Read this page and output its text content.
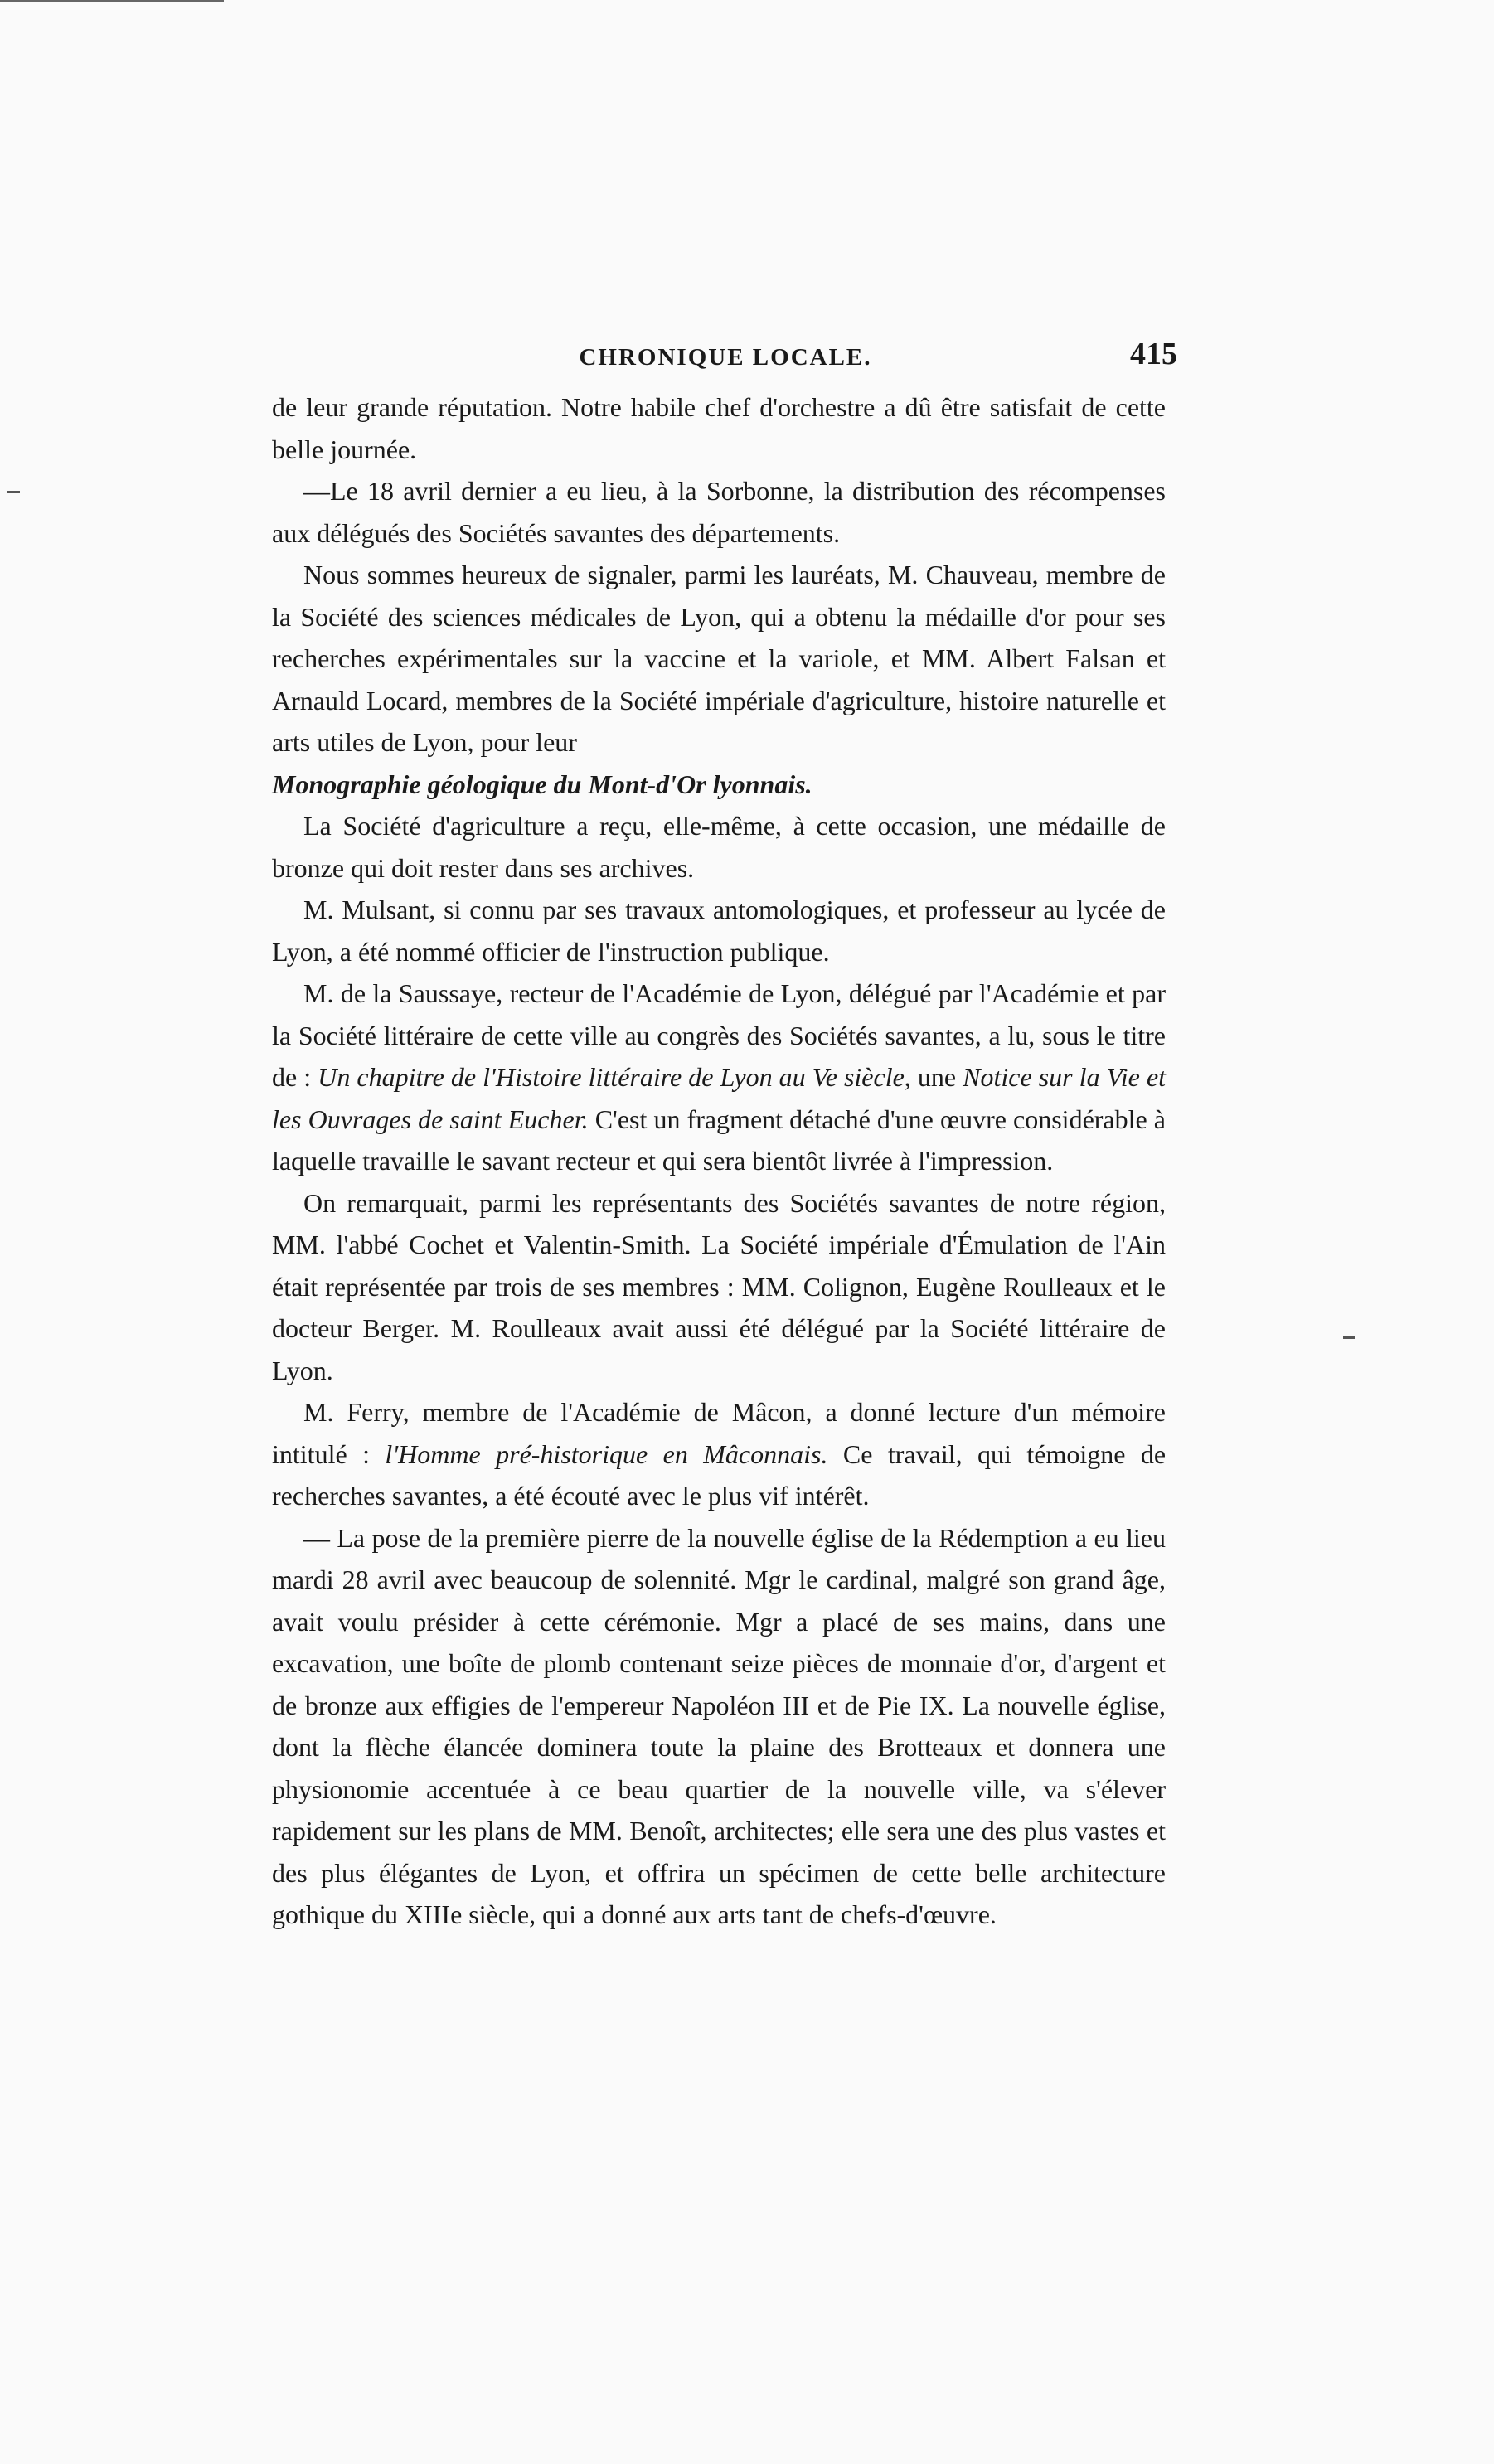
CHRONIQUE LOCALE.	415

de leur grande réputation. Notre habile chef d'orchestre a dû être satisfait de cette belle journée.

—Le 18 avril dernier a eu lieu, à la Sorbonne, la distribution des récompenses aux délégués des Sociétés savantes des départements.

Nous sommes heureux de signaler, parmi les lauréats, M. Chauveau, membre de la Société des sciences médicales de Lyon, qui a obtenu la médaille d'or pour ses recherches expérimentales sur la vaccine et la variole, et MM. Albert Falsan et Arnauld Locard, membres de la Société impériale d'agriculture, histoire naturelle et arts utiles de Lyon, pour leur

Monographie géologique du Mont-d'Or lyonnais.

La Société d'agriculture a reçu, elle-même, à cette occasion, une médaille de bronze qui doit rester dans ses archives.

M. Mulsant, si connu par ses travaux antomologiques, et professeur au lycée de Lyon, a été nommé officier de l'instruction publique.

M. de la Saussaye, recteur de l'Académie de Lyon, délégué par l'Académie et par la Société littéraire de cette ville au congrès des Sociétés savantes, a lu, sous le titre de : Un chapitre de l'Histoire littéraire de Lyon au Ve siècle, une Notice sur la Vie et les Ouvrages de saint Eucher. C'est un fragment détaché d'une œuvre considérable à laquelle travaille le savant recteur et qui sera bientôt livrée à l'impression.

On remarquait, parmi les représentants des Sociétés savantes de notre région, MM. l'abbé Cochet et Valentin-Smith. La Société impériale d'Émulation de l'Ain était représentée par trois de ses membres : MM. Colignon, Eugène Roulleaux et le docteur Berger. M. Roulleaux avait aussi été délégué par la Société littéraire de Lyon.

M. Ferry, membre de l'Académie de Mâcon, a donné lecture d'un mémoire intitulé : l'Homme pré-historique en Mâconnais. Ce travail, qui témoigne de recherches savantes, a été écouté avec le plus vif intérêt.

— La pose de la première pierre de la nouvelle église de la Rédemption a eu lieu mardi 28 avril avec beaucoup de solennité. Mgr le cardinal, malgré son grand âge, avait voulu présider à cette cérémonie. Mgr a placé de ses mains, dans une excavation, une boîte de plomb contenant seize pièces de monnaie d'or, d'argent et de bronze aux effigies de l'empereur Napoléon III et de Pie IX. La nouvelle église, dont la flèche élancée dominera toute la plaine des Brotteaux et donnera une physionomie accentuée à ce beau quartier de la nouvelle ville, va s'élever rapidement sur les plans de MM. Benoît, architectes; elle sera une des plus vastes et des plus élégantes de Lyon, et offrira un spécimen de cette belle architecture gothique du XIIIe siècle, qui a donné aux arts tant de chefs-d'œuvre.
